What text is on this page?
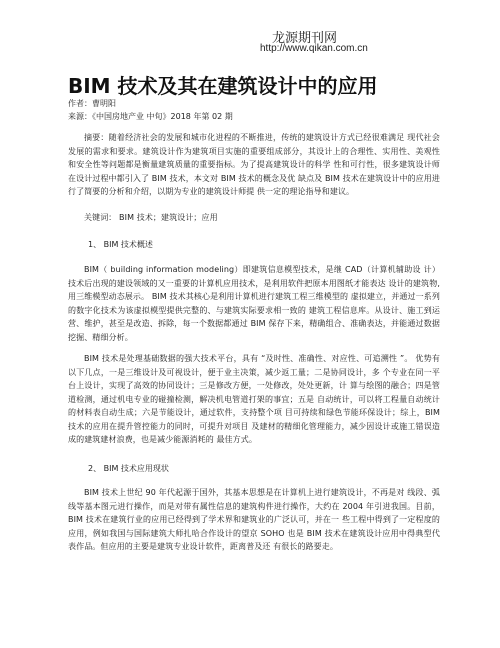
龙源期刊网
http://www.qikan.com.cn
BIM 技术及其在建筑设计中的应用
作者：曹明阳
来源：《中国房地产业 中旬》2018 年第 02 期

摘要：随着经济社会的发展和城市化进程的不断推进，传统的建筑设计方式已经很难满足 现代社会发展的需求和要求。建筑设计作为建筑项目实施的重要组成部分，其设计上的合理性、实用性、美观性和安全性等问题都是衡量建筑质量的重要指标。为了提高建筑设计的科学 性和可行性，很多建筑设计师在设计过程中都引入了 BIM 技术，本文对 BIM 技术的概念及优 缺点及 BIM 技术在建筑设计中的应用进行了简要的分析和介绍，以期为专业的建筑设计师提 供一定的理论指导和建议。

关键词： BIM 技术；建筑设计；应用

1、 BIM 技术概述

BIM（ building information modeling）即建筑信息模型技术，是继 CAD（计算机辅助设 计）技术后出现的建设领域的又一重要的计算机应用技术，是利用软件把原本用图纸才能表达 设计的建筑物,用三维模型动态展示。 BIM 技术其核心是利用计算机进行建筑工程三维模型的 虚拟建立，并通过一系列的数字化技术为该虚拟模型提供完整的、与建筑实际要求相一致的 建筑工程信息库。从设计、施工到运营、维护，甚至是改造、拆除，每一个数据都通过 BIM 保存下来，精确组合、准确表达，并能通过数据挖掘、精细分析。

BIM 技术是处理基础数据的强大技术平台，具有 “及时性、准确性、对应性、可追溯性 ”。 优势有以下几点，一是三维设计及可视设计，便于业主决策，减少返工量；二是协同设计，多 个专业在同一平台上设计，实现了高效的协同设计；三是修改方便，一处修改，处处更新，计 算与绘图的融合；四是管道检测，通过机电专业的碰撞检测，解决机电管道打架的事宜；五是 自动统计，可以将工程量自动统计的材料表自动生成；六是节能设计，通过软件，支持整个项 目可持续和绿色节能环保设计；综上，BIM 技术的应用在提升管控能力的同时，可提升对项目 及建材的精细化管理能力，减少因设计或施工错误造成的建筑建材浪费，也是减少能源消耗的 最佳方式。

2、 BIM 技术应用现状

BIM 技术上世纪 90 年代起源于国外，其基本思想是在计算机上进行建筑设计，不再是对 线段、弧线等基本图元进行操作，而是对带有属性信息的建筑构件进行操作，大约在 2004 年引进我国。目前， BIM 技术在建筑行业的应用已经得到了学术界和建筑业的广泛认可，并在一 些工程中得到了一定程度的应用，例如我国与国际建筑大师扎哈合作设计的望京 SOHO 也是 BIM 技术在建筑设计应用中得典型代表作品。但应用的主要是建筑专业设计软件，距离普及还 有很长的路要走。
